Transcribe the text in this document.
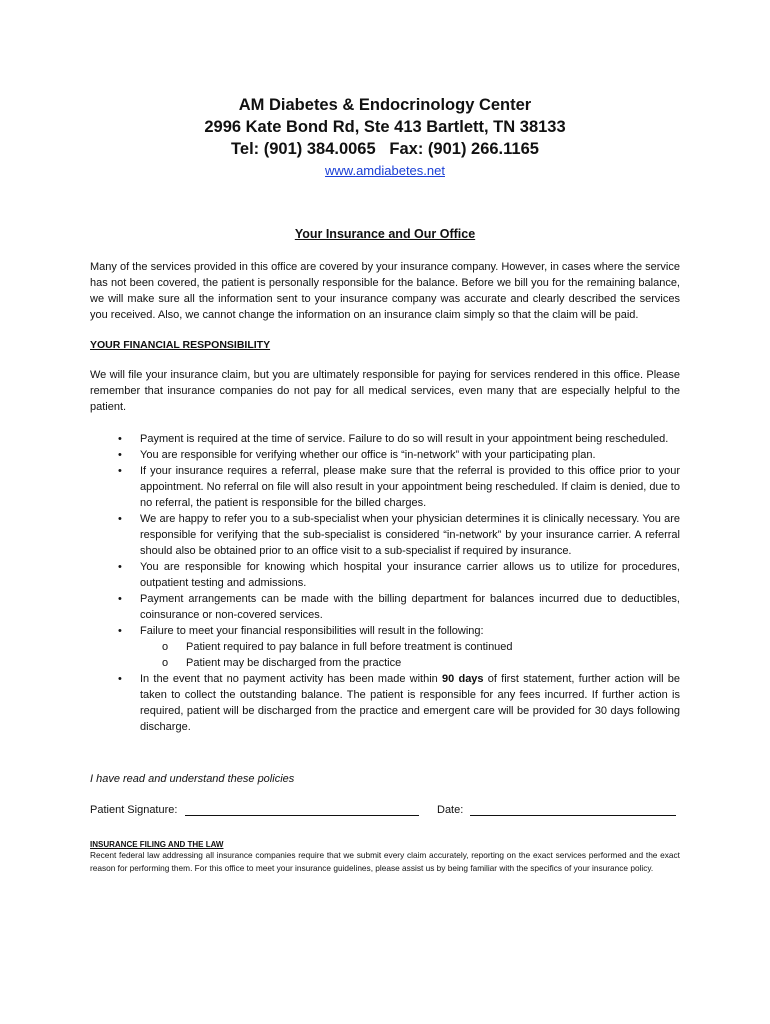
AM Diabetes & Endocrinology Center
2996 Kate Bond Rd, Ste 413 Bartlett, TN 38133
Tel: (901) 384.0065   Fax: (901) 266.1165
www.amdiabetes.net
Your Insurance and Our Office

Many of the services provided in this office are covered by your insurance company. However, in cases where the service has not been covered, the patient is personally responsible for the balance. Before we bill you for the remaining balance, we will make sure all the information sent to your insurance company was accurate and clearly described the services you received. Also, we cannot change the information on an insurance claim simply so that the claim will be paid.

YOUR FINANCIAL RESPONSIBILITY

We will file your insurance claim, but you are ultimately responsible for paying for services rendered in this office. Please remember that insurance companies do not pay for all medical services, even many that are especially helpful to the patient.

• Payment is required at the time of service. Failure to do so will result in your appointment being rescheduled.
• You are responsible for verifying whether our office is “in-network” with your participating plan.
• If your insurance requires a referral, please make sure that the referral is provided to this office prior to your appointment. No referral on file will also result in your appointment being rescheduled. If claim is denied, due to no referral, the patient is responsible for the billed charges.
• We are happy to refer you to a sub-specialist when your physician determines it is clinically necessary. You are responsible for verifying that the sub-specialist is considered “in-network” by your insurance carrier. A referral should also be obtained prior to an office visit to a sub-specialist if required by insurance.
• You are responsible for knowing which hospital your insurance carrier allows us to utilize for procedures, outpatient testing and admissions.
• Payment arrangements can be made with the billing department for balances incurred due to deductibles, coinsurance or non-covered services.
• Failure to meet your financial responsibilities will result in the following:
o Patient required to pay balance in full before treatment is continued
o Patient may be discharged from the practice
• In the event that no payment activity has been made within 90 days of first statement, further action will be taken to collect the outstanding balance. The patient is responsible for any fees incurred. If further action is required, patient will be discharged from the practice and emergent care will be provided for 30 days following discharge.
I have read and understand these policies
Patient Signature:	Date:
INSURANCE FILING AND THE LAW

Recent federal law addressing all insurance companies require that we submit every claim accurately, reporting on the exact services performed and the exact reason for performing them. For this office to meet your insurance guidelines, please assist us by being familiar with the specifics of your insurance policy.
